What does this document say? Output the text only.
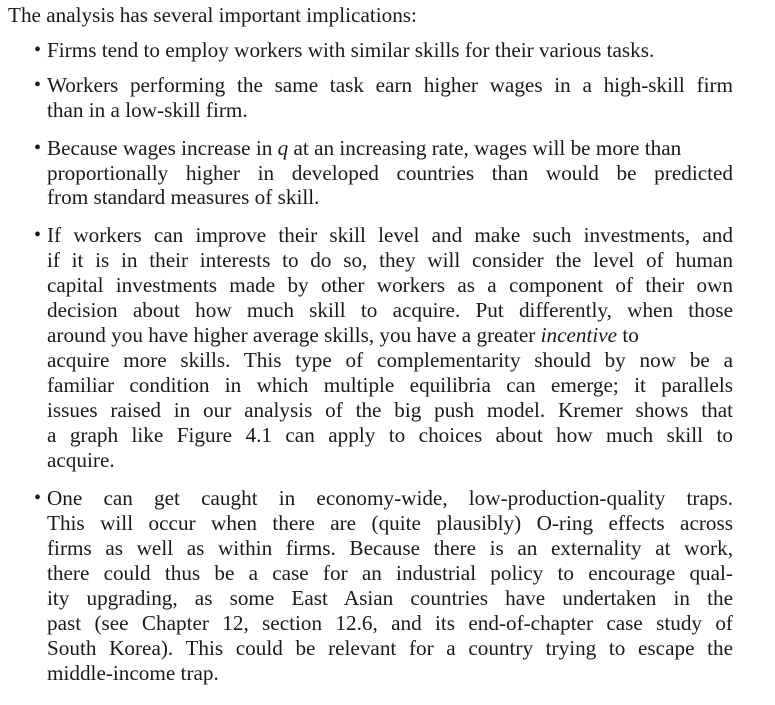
The analysis has several important implications:
• Firms tend to employ workers with similar skills for their various tasks.
• Workers performing the same task earn higher wages in a high-skill firm
than in a low-skill firm.
• Because wages increase in q at an increasing rate, wages will be more than
proportionally higher in developed countries than would be predicted
from standard measures of skill.
• If workers can improve their skill level and make such investments, and
if it is in their interests to do so, they will consider the level of human
capital investments made by other workers as a component of their own
decision about how much skill to acquire. Put differently, when those
around you have higher average skills, you have a greater incentive to
acquire more skills. This type of complementarity should by now be a
familiar condition in which multiple equilibria can emerge; it parallels
issues raised in our analysis of the big push model. Kremer shows that
a graph like Figure 4.1 can apply to choices about how much skill to
acquire.
• One can get caught in economy-wide, low-production-quality traps.
This will occur when there are (quite plausibly) O-ring effects across
firms as well as within firms. Because there is an externality at work,
there could thus be a case for an industrial policy to encourage qual-
ity upgrading, as some East Asian countries have undertaken in the
past (see Chapter 12, section 12.6, and its end-of-chapter case study of
South Korea). This could be relevant for a country trying to escape the
middle-income trap.
